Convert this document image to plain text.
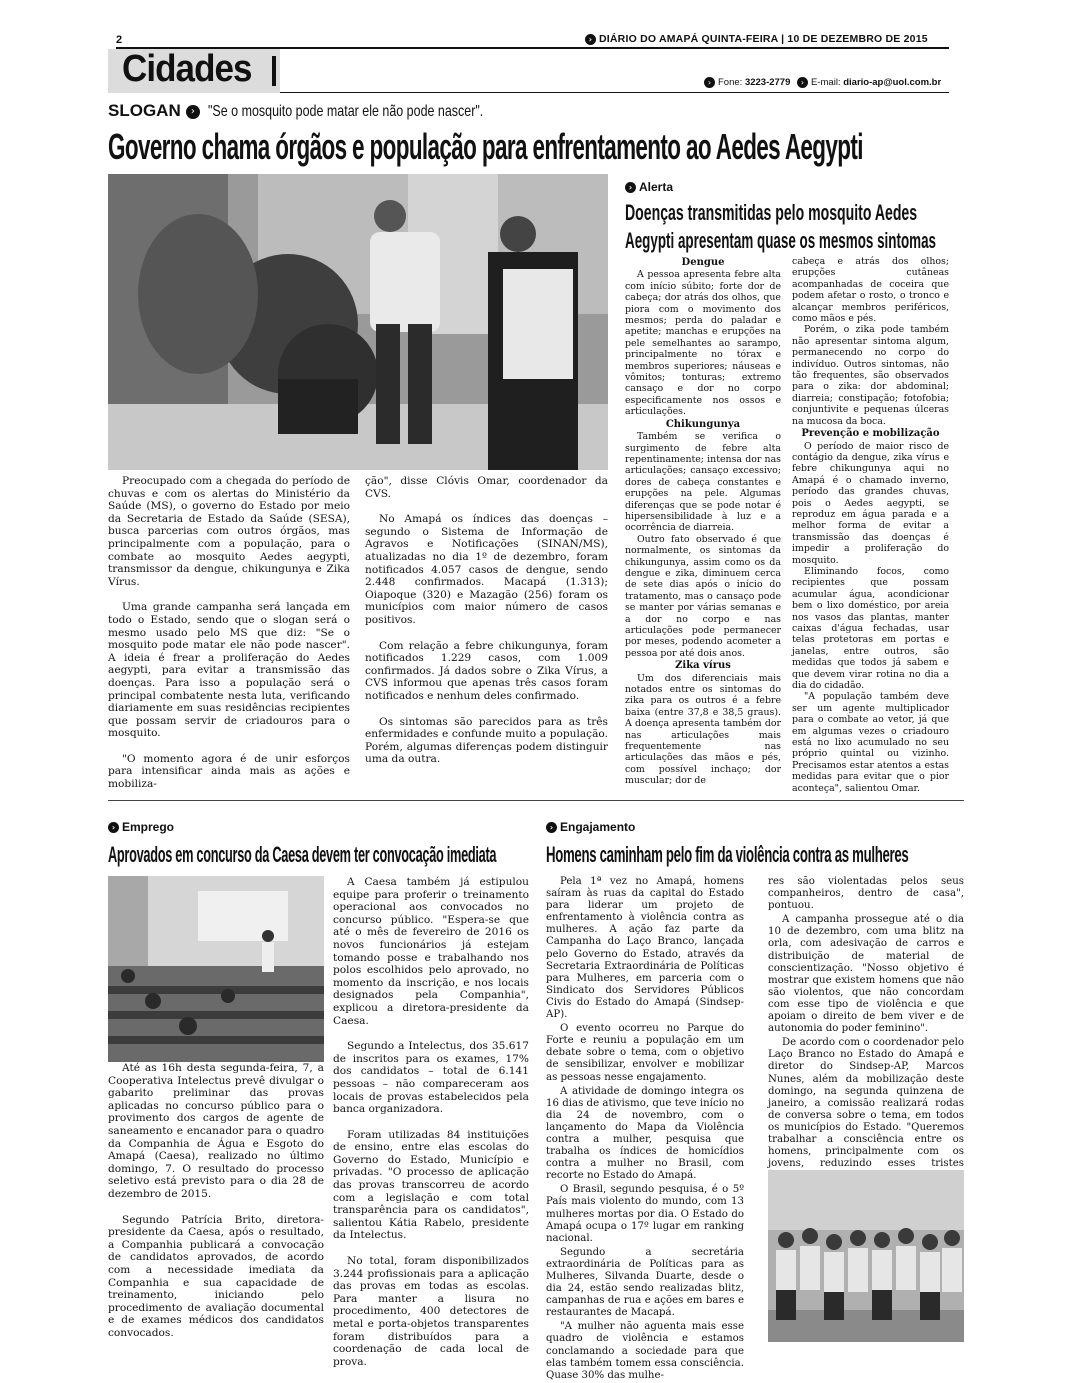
2	› DIÁRIO DO AMAPÁ QUINTA-FEIRA | 10 DE DEZEMBRO DE 2015
Cidades	› Fone: 3223-2779 › E-mail: diario-ap@uol.com.br
SLOGAN › "Se o mosquito pode matar ele não pode nascer".
Governo chama órgãos e população para enfrentamento ao Aedes Aegypti

Preocupado com a chegada do período de chuvas e com os alertas do Ministério da Saúde (MS), o governo do Estado por meio da Secretaria de Estado da Saúde (SESA), busca parcerias com outros órgãos, mas principalmente com a população, para o combate ao mosquito Aedes aegypti, transmissor da dengue, chikungunya e Zika Vírus.

Uma grande campanha será lançada em todo o Estado, sendo que o slogan será o mesmo usado pelo MS que diz: "Se o mosquito pode matar ele não pode nascer". A ideia é frear a proliferação do Aedes aegypti, para evitar a transmissão das doenças. Para isso a população será o principal combatente nesta luta, verificando diariamente em suas residências recipientes que possam servir de criadouros para o mosquito.

"O momento agora é de unir esforços para intensificar ainda mais as ações e mobiliza-

ção", disse Clóvis Omar, coordenador da CVS.

No Amapá os índices das doenças – segundo o Sistema de Informação de Agravos e Notificações (SINAN/MS), atualizadas no dia 1º de dezembro, foram notificados 4.057 casos de dengue, sendo 2.448 confirmados. Macapá (1.313); Oiapoque (320) e Mazagão (256) foram os municípios com maior número de casos positivos.

Com relação a febre chikungunya, foram notificados 1.229 casos, com 1.009 confirmados. Já dados sobre o Zika Vírus, a CVS informou que apenas três casos foram notificados e nenhum deles confirmado.

Os sintomas são parecidos para as três enfermidades e confunde muito a população. Porém, algumas diferenças podem distinguir uma da outra.

› Alerta
Doenças transmitidas pelo mosquito Aedes
Aegypti apresentam quase os mesmos sintomas
Dengue

A pessoa apresenta febre alta com início súbito; forte dor de cabeça; dor atrás dos olhos, que piora com o movimento dos mesmos; perda do paladar e apetite; manchas e erupções na pele semelhantes ao sarampo, principalmente no tórax e membros superiores; náuseas e vômitos; tonturas; extremo cansaço e dor no corpo especificamente nos ossos e articulações.

Chikungunya

Também se verifica o surgimento de febre alta repentinamente; intensa dor nas articulações; cansaço excessivo; dores de cabeça constantes e erupções na pele. Algumas diferenças que se pode notar é hipersensibilidade à luz e a ocorrência de diarreia.

Outro fato observado é que normalmente, os sintomas da chikungunya, assim como os da dengue e zika, diminuem cerca de sete dias após o início do tratamento, mas o cansaço pode se manter por várias semanas e a dor no corpo e nas articulações pode permanecer por meses, podendo acometer a pessoa por até dois anos.

Zika vírus

Um dos diferenciais mais notados entre os sintomas do zika para os outros é a febre baixa (entre 37,8 e 38,5 graus). A doença apresenta também dor nas articulações mais frequentemente nas articulações das mãos e pés, com possível inchaço; dor muscular; dor de

cabeça e atrás dos olhos; erupções cutâneas acompanhadas de coceira que podem afetar o rosto, o tronco e alcançar membros periféricos, como mãos e pés.

Porém, o zika pode também não apresentar sintoma algum, permanecendo no corpo do indivíduo. Outros sintomas, não tão frequentes, são observados para o zika: dor abdominal; diarreia; constipação; fotofobia; conjuntivite e pequenas úlceras na mucosa da boca.

Prevenção e mobilização

O período de maior risco de contágio da dengue, zika vírus e febre chikungunya aqui no Amapá é o chamado inverno, período das grandes chuvas, pois o Aedes aegypti, se reproduz em água parada e a melhor forma de evitar a transmissão das doenças é impedir a proliferação do mosquito.

Eliminando focos, como recipientes que possam acumular água, acondicionar bem o lixo doméstico, por areia nos vasos das plantas, manter caixas d'água fechadas, usar telas protetoras em portas e janelas, entre outros, são medidas que todos já sabem e que devem virar rotina no dia a dia do cidadão.

"A população também deve ser um agente multiplicador para o combate ao vetor, já que em algumas vezes o criadouro está no lixo acumulado no seu próprio quintal ou vizinho. Precisamos estar atentos a estas medidas para evitar que o pior aconteça", salientou Omar.

› Emprego
Aprovados em concurso da Caesa devem ter convocação imediata

Até as 16h desta segunda-feira, 7, a Cooperativa Intelectus prevê divulgar o gabarito preliminar das provas aplicadas no concurso público para o provimento dos cargos de agente de saneamento e encanador para o quadro da Companhia de Água e Esgoto do Amapá (Caesa), realizado no último domingo, 7. O resultado do processo seletivo está previsto para o dia 28 de dezembro de 2015.

Segundo Patrícia Brito, diretora-presidente da Caesa, após o resultado, a Companhia publicará a convocação de candidatos aprovados, de acordo com a necessidade imediata da Companhia e sua capacidade de treinamento, iniciando pelo procedimento de avaliação documental e de exames médicos dos candidatos convocados.

A Caesa também já estipulou equipe para proferir o treinamento operacional aos convocados no concurso público. "Espera-se que até o mês de fevereiro de 2016 os novos funcionários já estejam tomando posse e trabalhando nos polos escolhidos pelo aprovado, no momento da inscrição, e nos locais designados pela Companhia", explicou a diretora-presidente da Caesa.

Segundo a Intelectus, dos 35.617 de inscritos para os exames, 17% dos candidatos – total de 6.141 pessoas – não compareceram aos locais de provas estabelecidos pela banca organizadora.

Foram utilizadas 84 instituições de ensino, entre elas escolas do Governo do Estado, Município e privadas. "O processo de aplicação das provas transcorreu de acordo com a legislação e com total transparência para os candidatos", salientou Kátia Rabelo, presidente da Intelectus.

No total, foram disponibilizados 3.244 profissionais para a aplicação das provas em todas as escolas. Para manter a lisura no procedimento, 400 detectores de metal e porta-objetos transparentes foram distribuídos para a coordenação de cada local de prova.

› Engajamento
Homens caminham pelo fim da violência contra as mulheres

Pela 1ª vez no Amapá, homens saíram às ruas da capital do Estado para liderar um projeto de enfrentamento à violência contra as mulheres. A ação faz parte da Campanha do Laço Branco, lançada pelo Governo do Estado, através da Secretaria Extraordinária de Políticas para Mulheres, em parceria com o Sindicato dos Servidores Públicos Civis do Estado do Amapá (Sindsep-AP).

O evento ocorreu no Parque do Forte e reuniu a população em um debate sobre o tema, com o objetivo de sensibilizar, envolver e mobilizar as pessoas nesse engajamento.

A atividade de domingo integra os 16 dias de ativismo, que teve início no dia 24 de novembro, com o lançamento do Mapa da Violência contra a mulher, pesquisa que trabalha os índices de homicídios contra a mulher no Brasil, com recorte no Estado do Amapá.

O Brasil, segundo pesquisa, é o 5º País mais violento do mundo, com 13 mulheres mortas por dia. O Estado do Amapá ocupa o 17º lugar em ranking nacional.

Segundo a secretária extraordinária de Políticas para as Mulheres, Silvanda Duarte, desde o dia 24, estão sendo realizadas blitz, campanhas de rua e ações em bares e restaurantes de Macapá.

"A mulher não aguenta mais esse quadro de violência e estamos conclamando a sociedade para que elas também tomem essa consciência. Quase 30% das mulhe-

res são violentadas pelos seus companheiros, dentro de casa", pontuou.

A campanha prossegue até o dia 10 de dezembro, com uma blitz na orla, com adesivação de carros e distribuição de material de conscientização. "Nosso objetivo é mostrar que existem homens que não são violentos, que não concordam com esse tipo de violência e que apoiam o direito de bem viver e de autonomia do poder feminino".

De acordo com o coordenador pelo Laço Branco no Estado do Amapá e diretor do Sindsep-AP, Marcos Nunes, além da mobilização deste domingo, na segunda quinzena de janeiro, a comissão realizará rodas de conversa sobre o tema, em todos os municípios do Estado. "Queremos trabalhar a consciência entre os homens, principalmente com os jovens, reduzindo esses tristes
